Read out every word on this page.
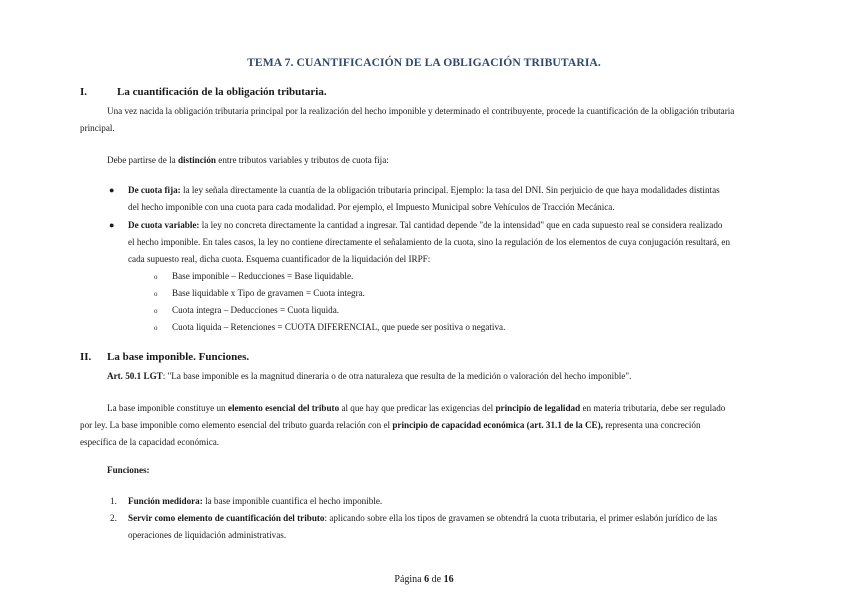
TEMA 7. CUANTIFICACIÓN DE LA OBLIGACIÓN TRIBUTARIA.
I.	La cuantificación de la obligación tributaria.
Una vez nacida la obligación tributaria principal por la realización del hecho imponible y determinado el contribuyente, procede la cuantificación de la obligación tributaria
principal.
Debe partirse de la distinción entre tributos variables y tributos de cuota fija:
● De cuota fija: la ley señala directamente la cuantía de la obligación tributaria principal. Ejemplo: la tasa del DNI. Sin perjuicio de que haya modalidades distintas
del hecho imponible con una cuota para cada modalidad. Por ejemplo, el Impuesto Municipal sobre Vehículos de Tracción Mecánica.
● De cuota variable: la ley no concreta directamente la cantidad a ingresar. Tal cantidad depende "de la intensidad" que en cada supuesto real se considera realizado
el hecho imponible. En tales casos, la ley no contiene directamente el señalamiento de la cuota, sino la regulación de los elementos de cuya conjugación resultará, en
cada supuesto real, dicha cuota. Esquema cuantificador de la liquidación del IRPF:
o Base imponible – Reducciones = Base liquidable.
o Base liquidable x Tipo de gravamen = Cuota integra.
o Cuota integra – Deducciones = Cuota liquida.
o Cuota liquida – Retenciones = CUOTA DIFERENCIAL, que puede ser positiva o negativa.
II. La base imponible. Funciones.
Art. 50.1 LGT: "La base imponible es la magnitud dineraria o de otra naturaleza que resulta de la medición o valoración del hecho imponible".
La base imponible constituye un elemento esencial del tributo al que hay que predicar las exigencias del principio de legalidad en materia tributaria, debe ser regulado
por ley. La base imponible como elemento esencial del tributo guarda relación con el principio de capacidad económica (art. 31.1 de la CE), representa una concreción
específica de la capacidad económica.
Funciones:
1. Función medidora: la base imponible cuantifica el hecho imponible.
2. Servir como elemento de cuantificación del tributo: aplicando sobre ella los tipos de gravamen se obtendrá la cuota tributaria, el primer eslabón jurídico de las
operaciones de liquidación administrativas.
Página 6 de 16
